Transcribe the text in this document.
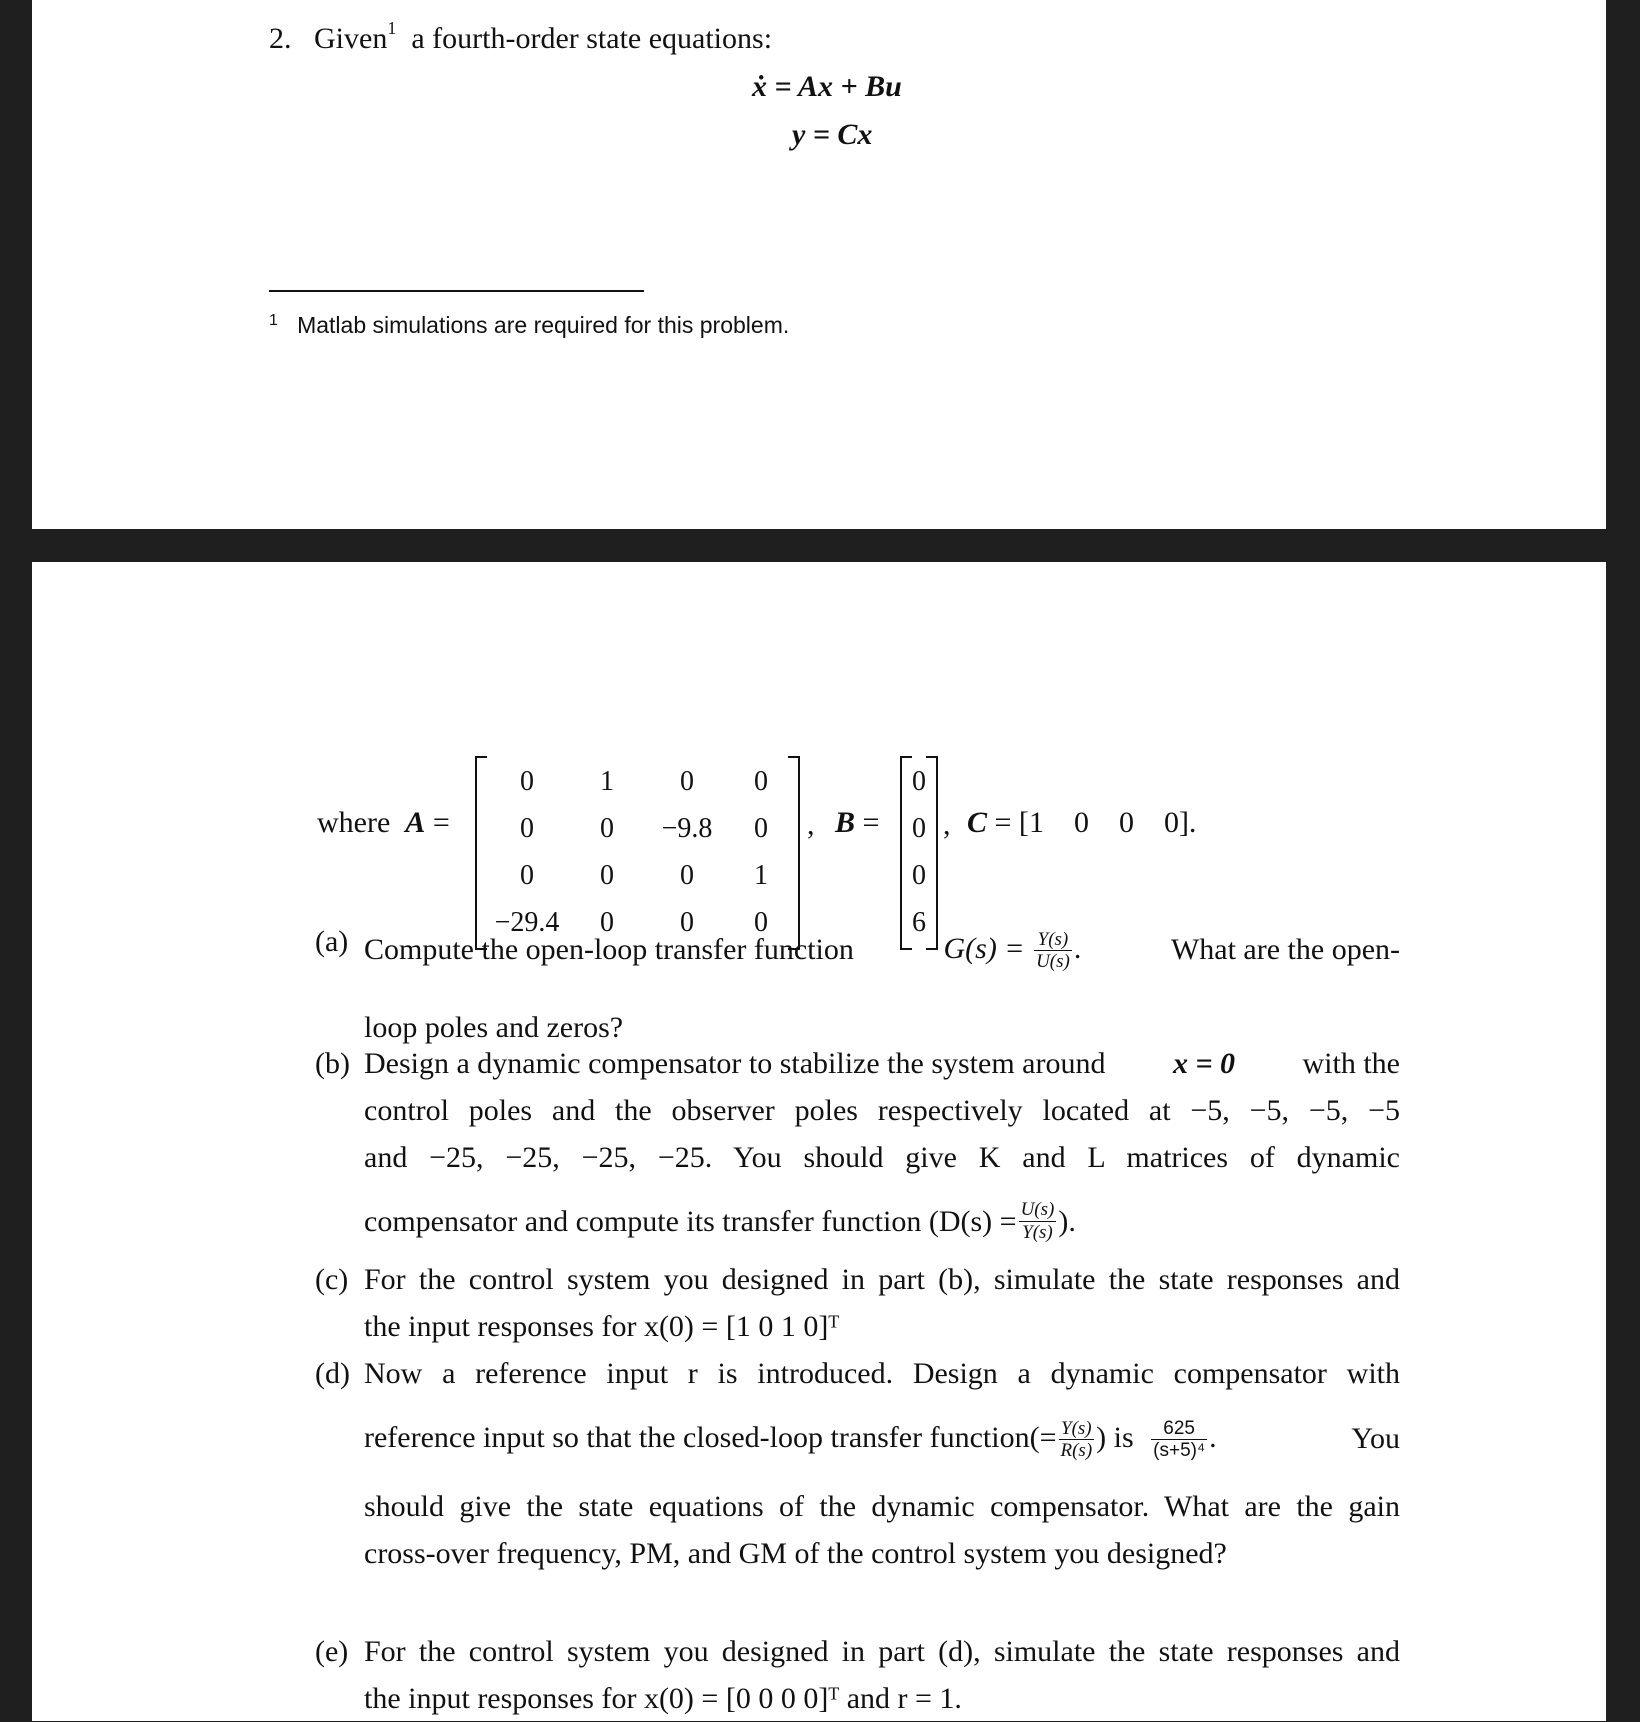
2. Given$^1$ a fourth-order state equations:
ẋ = Ax + Bu
y = Cx
$^1$ Matlab simulations are required for this problem.
where A =
0	1	0	0
0	0	−9.8	0
0	0	0	1
−29.4	0	0	0
, B =
0
0
0
6
, C = [1 0 0 0].
(a) Compute the open-loop transfer function	$G(s) = \frac{Y(s)}{U(s)}$ .	What are the open-
loop poles and zeros?
(b) Design a dynamic compensator to stabilize the system around x = 0 with the
control poles and the observer poles respectively located at −5, −5, −5, −5
and −25, −25, −25, −25. You should give K and L matrices of dynamic
compensator and compute its transfer function ($D(s) = \frac{U(s)}{Y(s)}$ ).
(c) For the control system you designed in part (b), simulate the state responses and
the input responses for x(0) = [1 0 1 0]ᵀ
(d) Now a reference input r is introduced. Design a dynamic compensator with
reference input so that the closed-loop transfer function(= $\frac{Y(s)}{R(s)}$ ) is $\frac{625}{\text{(s+5)⁴}}$ .	You
should give the state equations of the dynamic compensator. What are the gain
cross-over frequency, PM, and GM of the control system you designed?
(e) For the control system you designed in part (d), simulate the state responses and
the input responses for x(0) = [0 0 0 0]ᵀ and r = 1.
